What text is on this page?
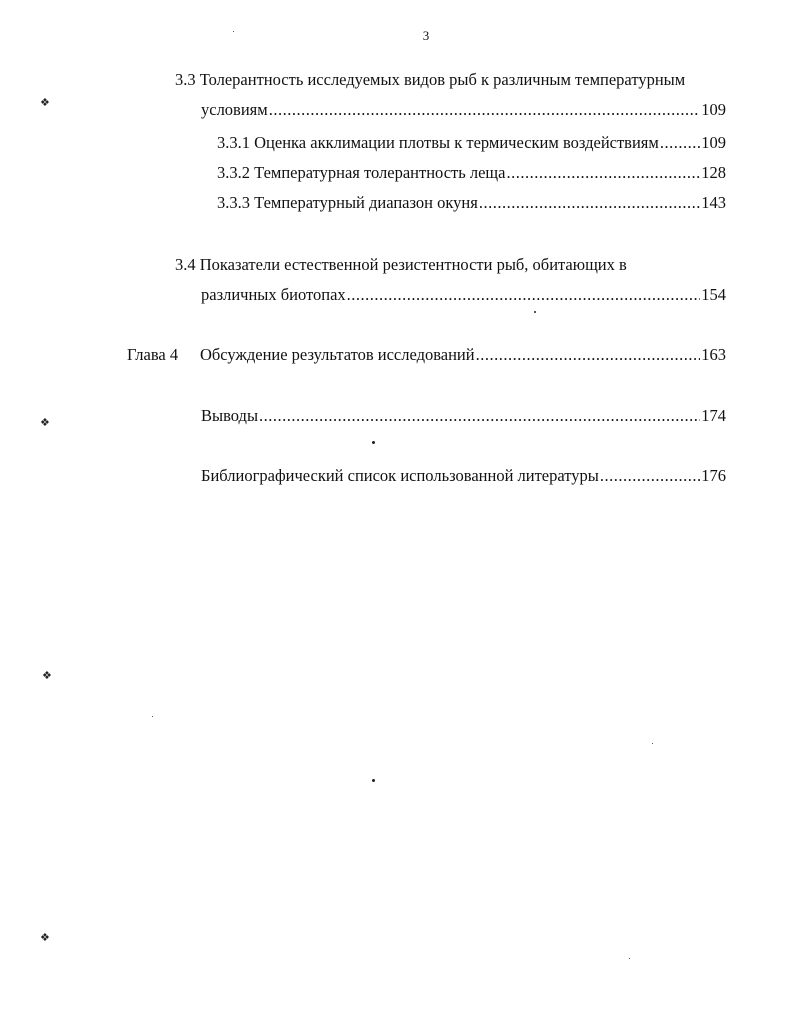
3
3.3 Толерантность исследуемых видов рыб к различным температурным
условиям .....	109
3.3.1 Оценка акклимации плотвы к термическим воздействиям .....	109
3.3.2 Температурная толерантность леща .....	128
3.3.3 Температурный диапазон окуня .....	143
3.4 Показатели естественной резистентности рыб, обитающих в
различных биотопах .....	154
Глава 4 Обсуждение результатов исследований .....	163
Выводы .....	174
Библиографический список использованной литературы .....	176
❖
❖
❖
❖
